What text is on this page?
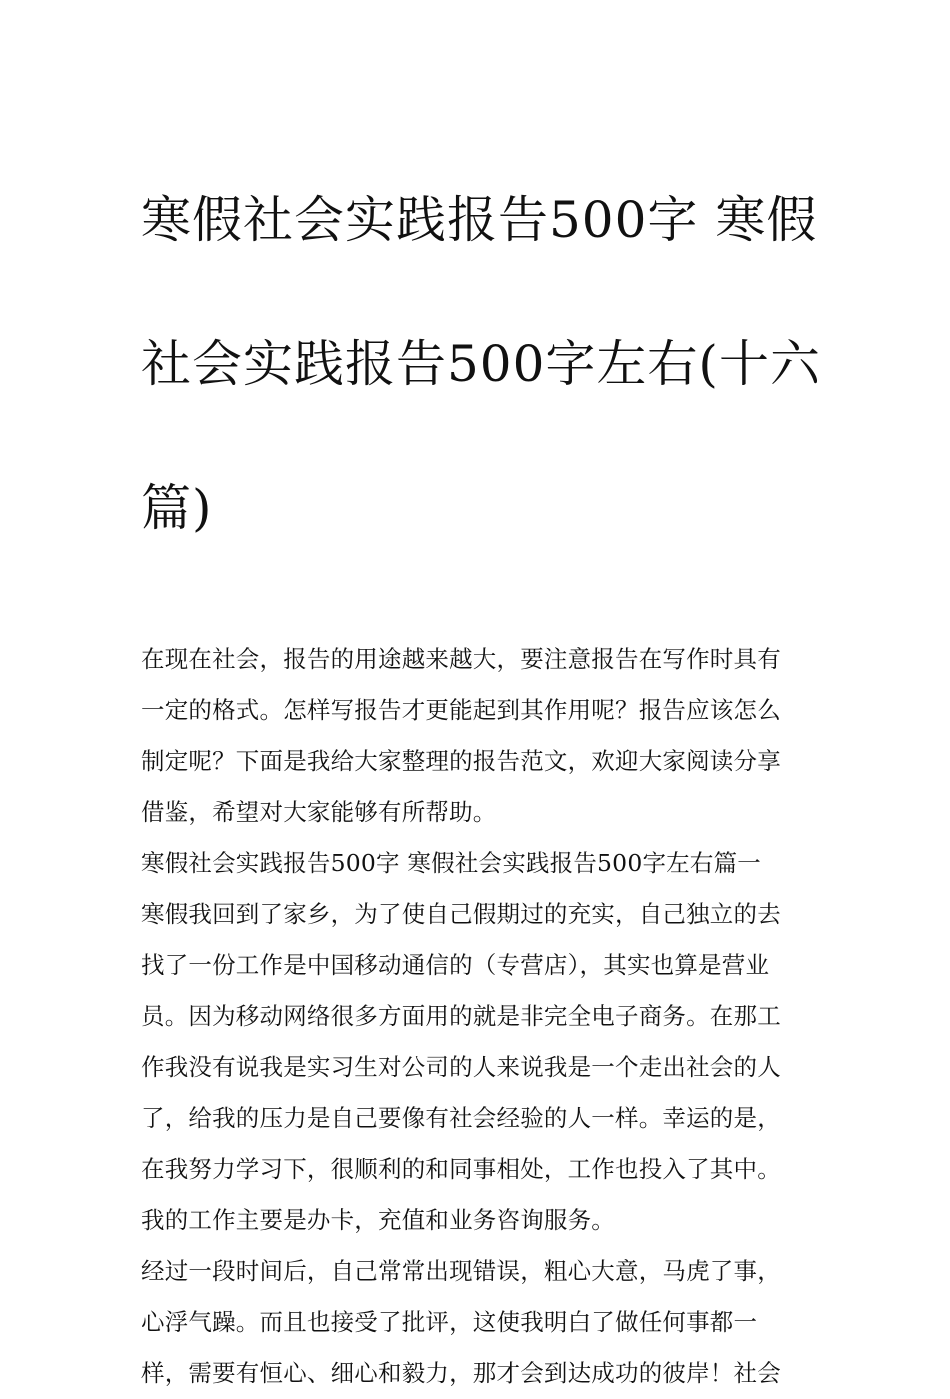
寒假社会实践报告500字 寒假

社会实践报告500字左右(十六

篇)

在现在社会，报告的用途越来越大，要注意报告在写作时具有
一定的格式。怎样写报告才更能起到其作用呢？报告应该怎么
制定呢？下面是我给大家整理的报告范文，欢迎大家阅读分享
借鉴，希望对大家能够有所帮助。

寒假社会实践报告500字 寒假社会实践报告500字左右篇一

寒假我回到了家乡，为了使自己假期过的充实，自己独立的去
找了一份工作是中国移动通信的（专营店），其实也算是营业
员。因为移动网络很多方面用的就是非完全电子商务。在那工
作我没有说我是实习生对公司的人来说我是一个走出社会的人
了，给我的压力是自己要像有社会经验的人一样。幸运的是，
在我努力学习下，很顺利的和同事相处，工作也投入了其中。
我的工作主要是办卡，充值和业务咨询服务。

经过一段时间后，自己常常出现错误，粗心大意，马虎了事，
心浮气躁。而且也接受了批评，这使我明白了做任何事都一
样，需要有恒心、细心和毅力，那才会到达成功的彼岸！社会
